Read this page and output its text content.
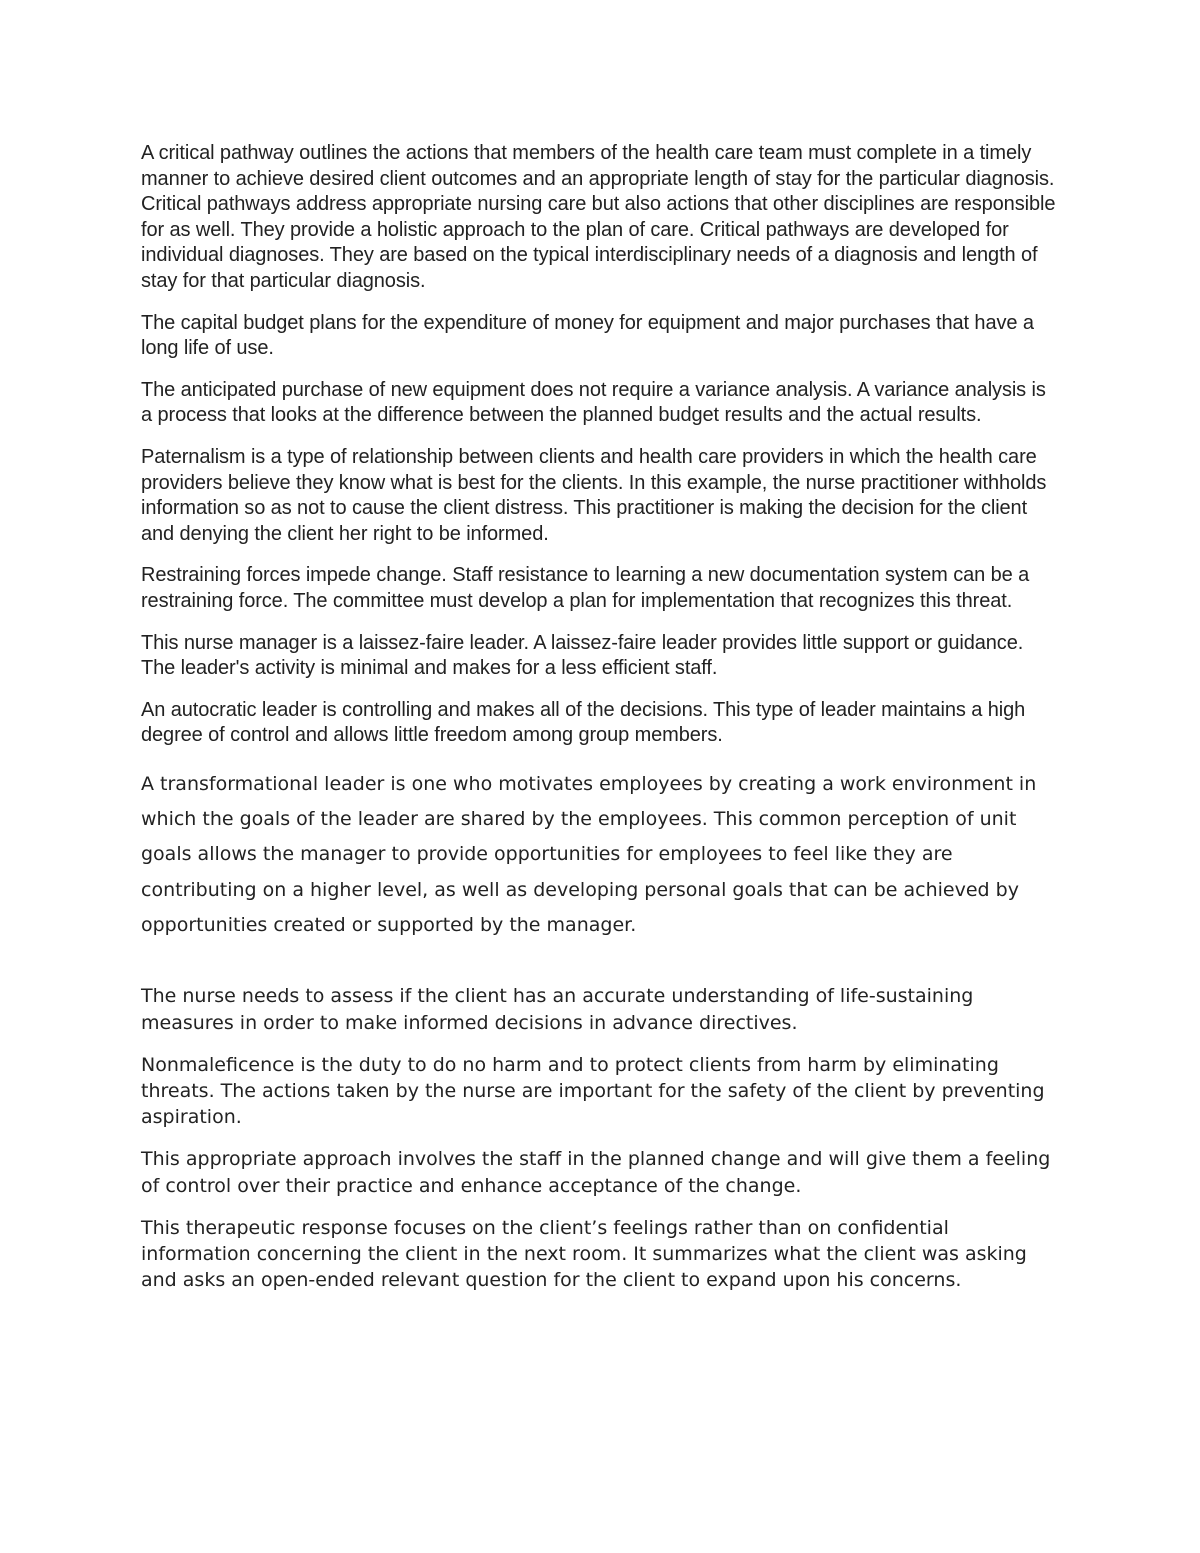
A critical pathway outlines the actions that members of the health care team must complete in a timely manner to achieve desired client outcomes and an appropriate length of stay for the particular diagnosis. Critical pathways address appropriate nursing care but also actions that other disciplines are responsible for as well. They provide a holistic approach to the plan of care. Critical pathways are developed for individual diagnoses. They are based on the typical interdisciplinary needs of a diagnosis and length of stay for that particular diagnosis.

The capital budget plans for the expenditure of money for equipment and major purchases that have a long life of use.

The anticipated purchase of new equipment does not require a variance analysis. A variance analysis is a process that looks at the difference between the planned budget results and the actual results.

Paternalism is a type of relationship between clients and health care providers in which the health care providers believe they know what is best for the clients. In this example, the nurse practitioner withholds information so as not to cause the client distress. This practitioner is making the decision for the client and denying the client her right to be informed.

Restraining forces impede change. Staff resistance to learning a new documentation system can be a restraining force. The committee must develop a plan for implementation that recognizes this threat.

This nurse manager is a laissez-faire leader. A laissez-faire leader provides little support or guidance. The leader's activity is minimal and makes for a less efficient staff.

An autocratic leader is controlling and makes all of the decisions. This type of leader maintains a high degree of control and allows little freedom among group members.

A transformational leader is one who motivates employees by creating a work environment in which the goals of the leader are shared by the employees. This common perception of unit goals allows the manager to provide opportunities for employees to feel like they are contributing on a higher level, as well as developing personal goals that can be achieved by opportunities created or supported by the manager.

The nurse needs to assess if the client has an accurate understanding of life-sustaining measures in order to make informed decisions in advance directives.

Nonmaleficence is the duty to do no harm and to protect clients from harm by eliminating threats. The actions taken by the nurse are important for the safety of the client by preventing aspiration.

This appropriate approach involves the staff in the planned change and will give them a feeling of control over their practice and enhance acceptance of the change.

This therapeutic response focuses on the client’s feelings rather than on confidential information concerning the client in the next room. It summarizes what the client was asking and asks an open-ended relevant question for the client to expand upon his concerns.
